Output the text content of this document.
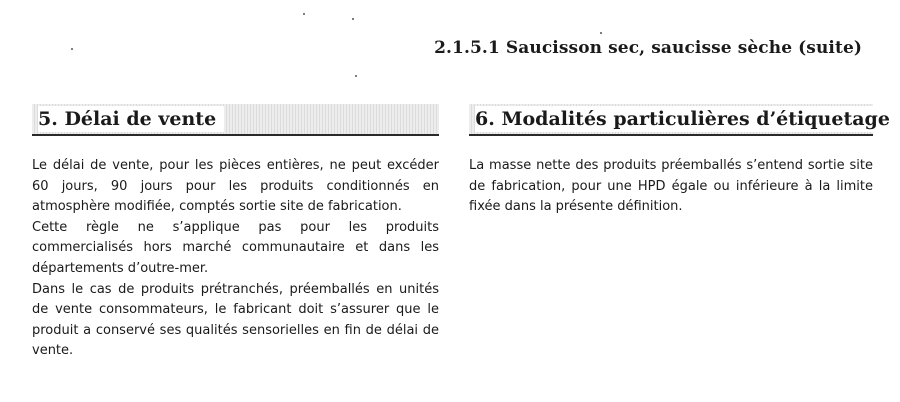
2.1.5.1 Saucisson sec, saucisse sèche (suite)
5. Délai de vente

Le délai de vente, pour les pièces entières, ne peut excéder 60 jours, 90 jours pour les produits conditionnés en atmosphère modifiée, comptés sortie site de fabrication.

Cette règle ne s’applique pas pour les produits commercialisés hors marché communautaire et dans les départements d’outre-mer.

Dans le cas de produits prétranchés, préemballés en unités de vente consommateurs, le fabricant doit s’assurer que le produit a conservé ses qualités sensorielles en fin de délai de vente.

6. Modalités particulières d’étiquetage

La masse nette des produits préemballés s’entend sortie site de fabrication, pour une HPD égale ou inférieure à la limite fixée dans la présente définition.
